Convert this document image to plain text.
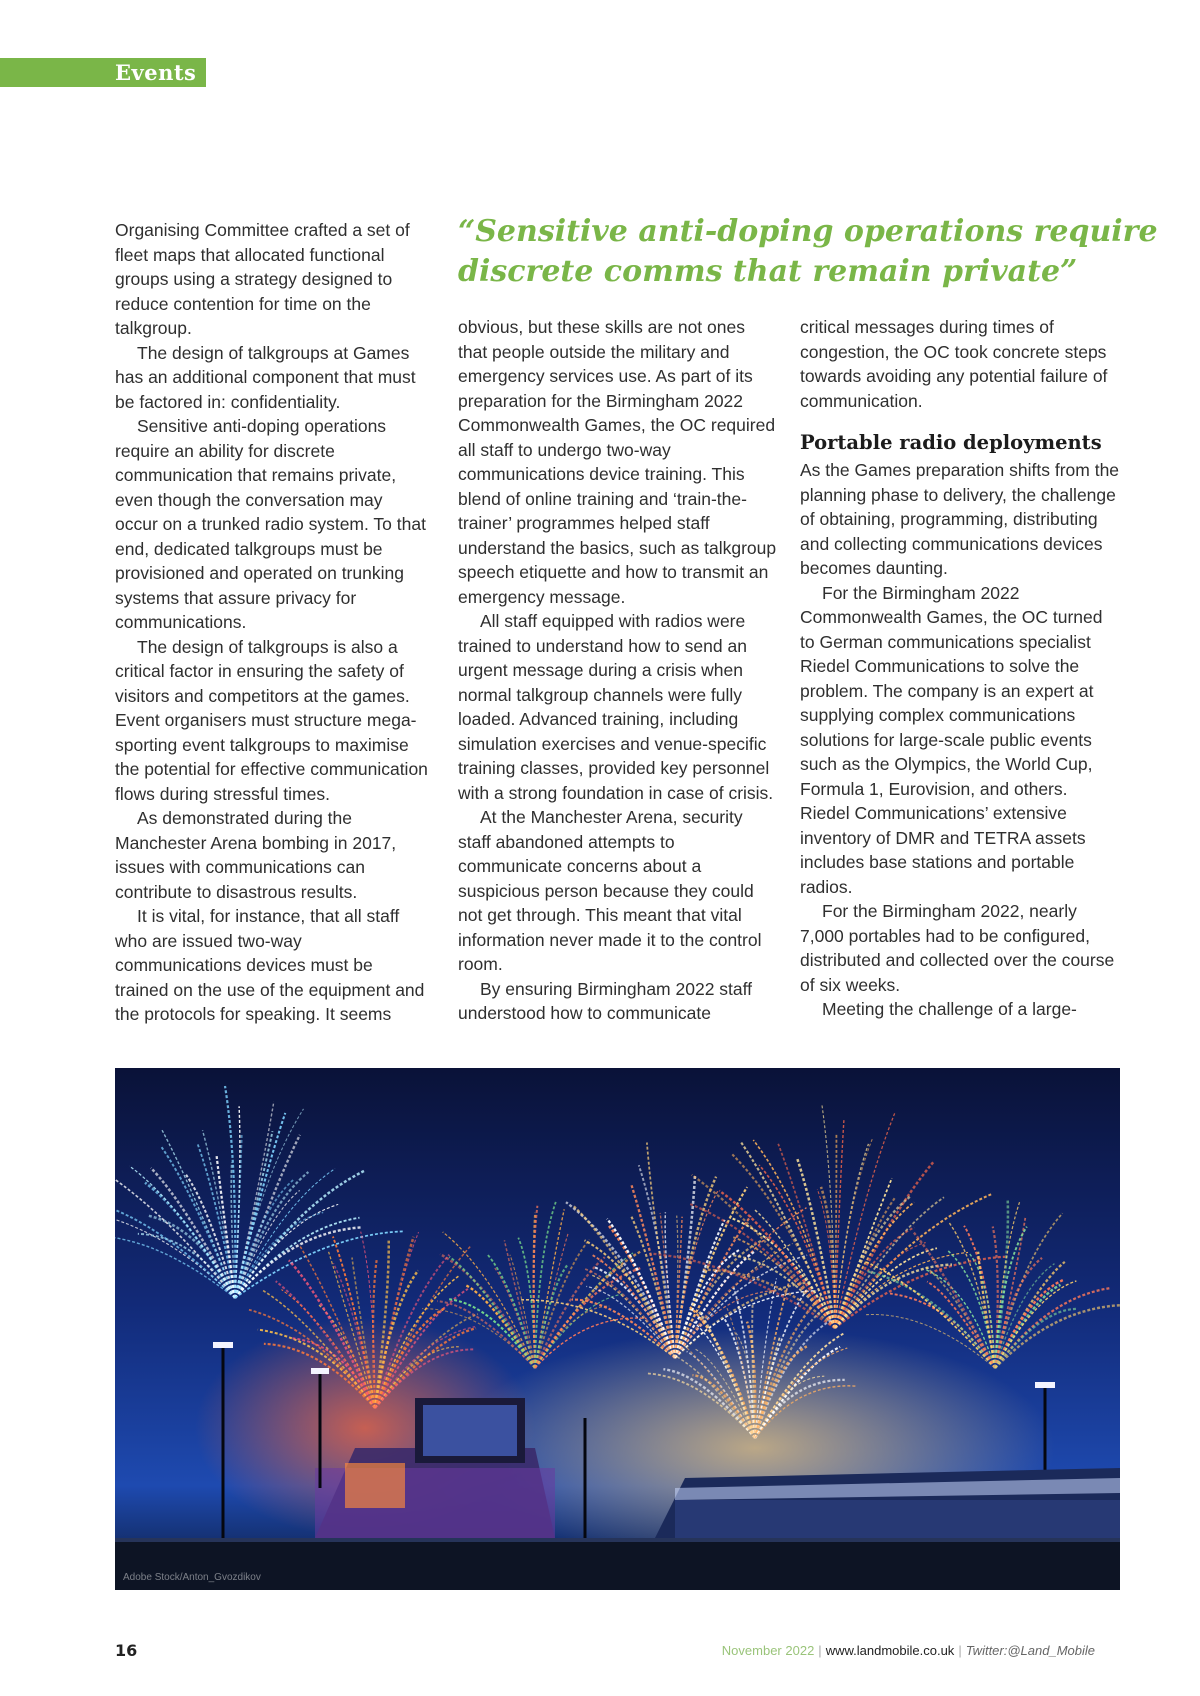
Events

Organising Committee crafted a set of fleet maps that allocated functional groups using a strategy designed to reduce contention for time on the talkgroup.

The design of talkgroups at Games has an additional component that must be factored in: confidentiality.

Sensitive anti-doping operations require an ability for discrete communication that remains private, even though the conversation may occur on a trunked radio system. To that end, dedicated talkgroups must be provisioned and operated on trunking systems that assure privacy for communications.

The design of talkgroups is also a critical factor in ensuring the safety of visitors and competitors at the games. Event organisers must structure mega-sporting event talkgroups to maximise the potential for effective communication flows during stressful times.

As demonstrated during the Manchester Arena bombing in 2017, issues with communications can contribute to disastrous results.

It is vital, for instance, that all staff who are issued two-way communications devices must be trained on the use of the equipment and the protocols for speaking. It seems

“Sensitive anti-doping operations require discrete comms that remain private”

obvious, but these skills are not ones that people outside the military and emergency services use. As part of its preparation for the Birmingham 2022 Commonwealth Games, the OC required all staff to undergo two-way communications device training. This blend of online training and ‘train-the-trainer’ programmes helped staff understand the basics, such as talkgroup speech etiquette and how to transmit an emergency message.

All staff equipped with radios were trained to understand how to send an urgent message during a crisis when normal talkgroup channels were fully loaded. Advanced training, including simulation exercises and venue-specific training classes, provided key personnel with a strong foundation in case of crisis.

At the Manchester Arena, security staff abandoned attempts to communicate concerns about a suspicious person because they could not get through. This meant that vital information never made it to the control room.

By ensuring Birmingham 2022 staff understood how to communicate

critical messages during times of congestion, the OC took concrete steps towards avoiding any potential failure of communication.

Portable radio deployments

As the Games preparation shifts from the planning phase to delivery, the challenge of obtaining, programming, distributing and collecting communications devices becomes daunting.

For the Birmingham 2022 Commonwealth Games, the OC turned to German communications specialist Riedel Communications to solve the problem. The company is an expert at supplying complex communications solutions for large-scale public events such as the Olympics, the World Cup, Formula 1, Eurovision, and others. Riedel Communications’ extensive inventory of DMR and TETRA assets includes base stations and portable radios.

For the Birmingham 2022, nearly 7,000 portables had to be configured, distributed and collected over the course of six weeks.

Meeting the challenge of a large-

Adobe Stock/Anton_Gvozdikov
16	November 2022 | www.landmobile.co.uk | Twitter:@Land_Mobile
